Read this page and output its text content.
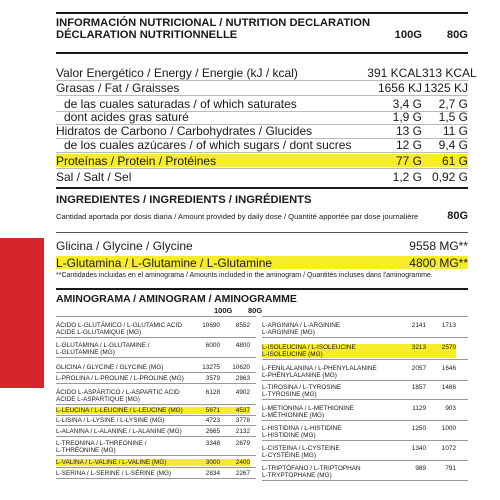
INFORMACIÓN NUTRICIONAL / NUTRITION DECLARATION
DÉCLARATION NUTRITIONNELLE	100G	80G
Valor Energético / Energy / Energie (kJ / kcal)	391 KCAL 313 KCAL
Grasas / Fat / Graisses	1656 KJ 1325 KJ
de las cuales saturadas / of which saturates	3,4 G	2,7 G
dont acides gras saturé	1,9 G	1,5 G
Hidratos de Carbono / Carbohydrates / Glucides	13 G	11 G
de los cuales azúcares / of which sugars / dont sucres	12 G	9,4 G
Proteínas / Protein / Protéines	77 G	61 G
Sal / Salt / Sel	1,2 G 0,92 G
INGREDIENTES / INGREDIENTS / INGRÉDIENTS
Cantidad aportada por dosis diaria / Amount provided by daily dose / Quantité apportée par dose journalière	80G
Glicina / Glycine / Glycine	9558 MG**
L-Glutamina / L-Glutamine / L-Glutamine	4800 MG**
**Cantidades incluidas en el aminograma / Amounts included in the aminogram / Quantités incluses dans l'aminogramme.
AMINOGRAMA / AMINOGRAM / AMINOGRAMME
100G 80G
ÁCIDO L-GLUTÁMICO / L-GLUTAMIC ACID
ACIDE L-GLUTAMIQUE (MG)
10690	8552
L-GLUTAMINA / L-GLUTAMINE /
L-GLUTAMINE (MG)
6000	4800
GLICINA / GLYCINE / GLYCINE (MG)	13275	10620
L-PROLINA / L-PROLINE / L-PROLINE (MG)	3579	2863
ÁCIDO L-ASPÁRTICO / L-ASPARTIC ACID
ACIDE L-ASPARTIQUE (MG)
6128	4902
L-LEUCINA / L-LEUCINE / L-LEUCINE (MG)	5671	4537
L-LISINA / L-LYSINE / L-LYSINE (MG)	4723	3778
L-ALANINA / L-ALANINE / L-ALANINE (MG)	2665	2132
L-TREONINA / L-THREONINE /
L-THRÉONINE (MG)
3348	2679
L-VALINA / L-VALINE / L-VALINE (MG)	3000	2400
L-SERINA / L-SERINE / L-SÉRINE (MG)	2834	2267
L-ARGININA / L-ARGININE
L-ARGININE (MG)
2141	1713
L-ISOLEUCINA / L-ISOLEUCINE
L-ISOLEUCINE (MG)
3213	2570
L-FENILALANINA / L-PHENYLALANINE
L-PHÉNYLALANINE (MG)
2057	1646
L-TIROSINA / L-TYROSINE
L-TYROSINE (MG)
1857	1486
L-METIONINA / L-METHIONINE
L-MÉTHIONINE (MG)
1129	903
L-HISTIDINA / L-HISTIDINE
L-HISTIDINE (MG)
1250	1000
L-CISTEINA / L-CYSTEINE
L-CYSTÉINE (MG)
1340	1072
L-TRIPTÓFANO / L-TRIPTOPHAN
L-TRYPTOPHANE (MG)
989	791
